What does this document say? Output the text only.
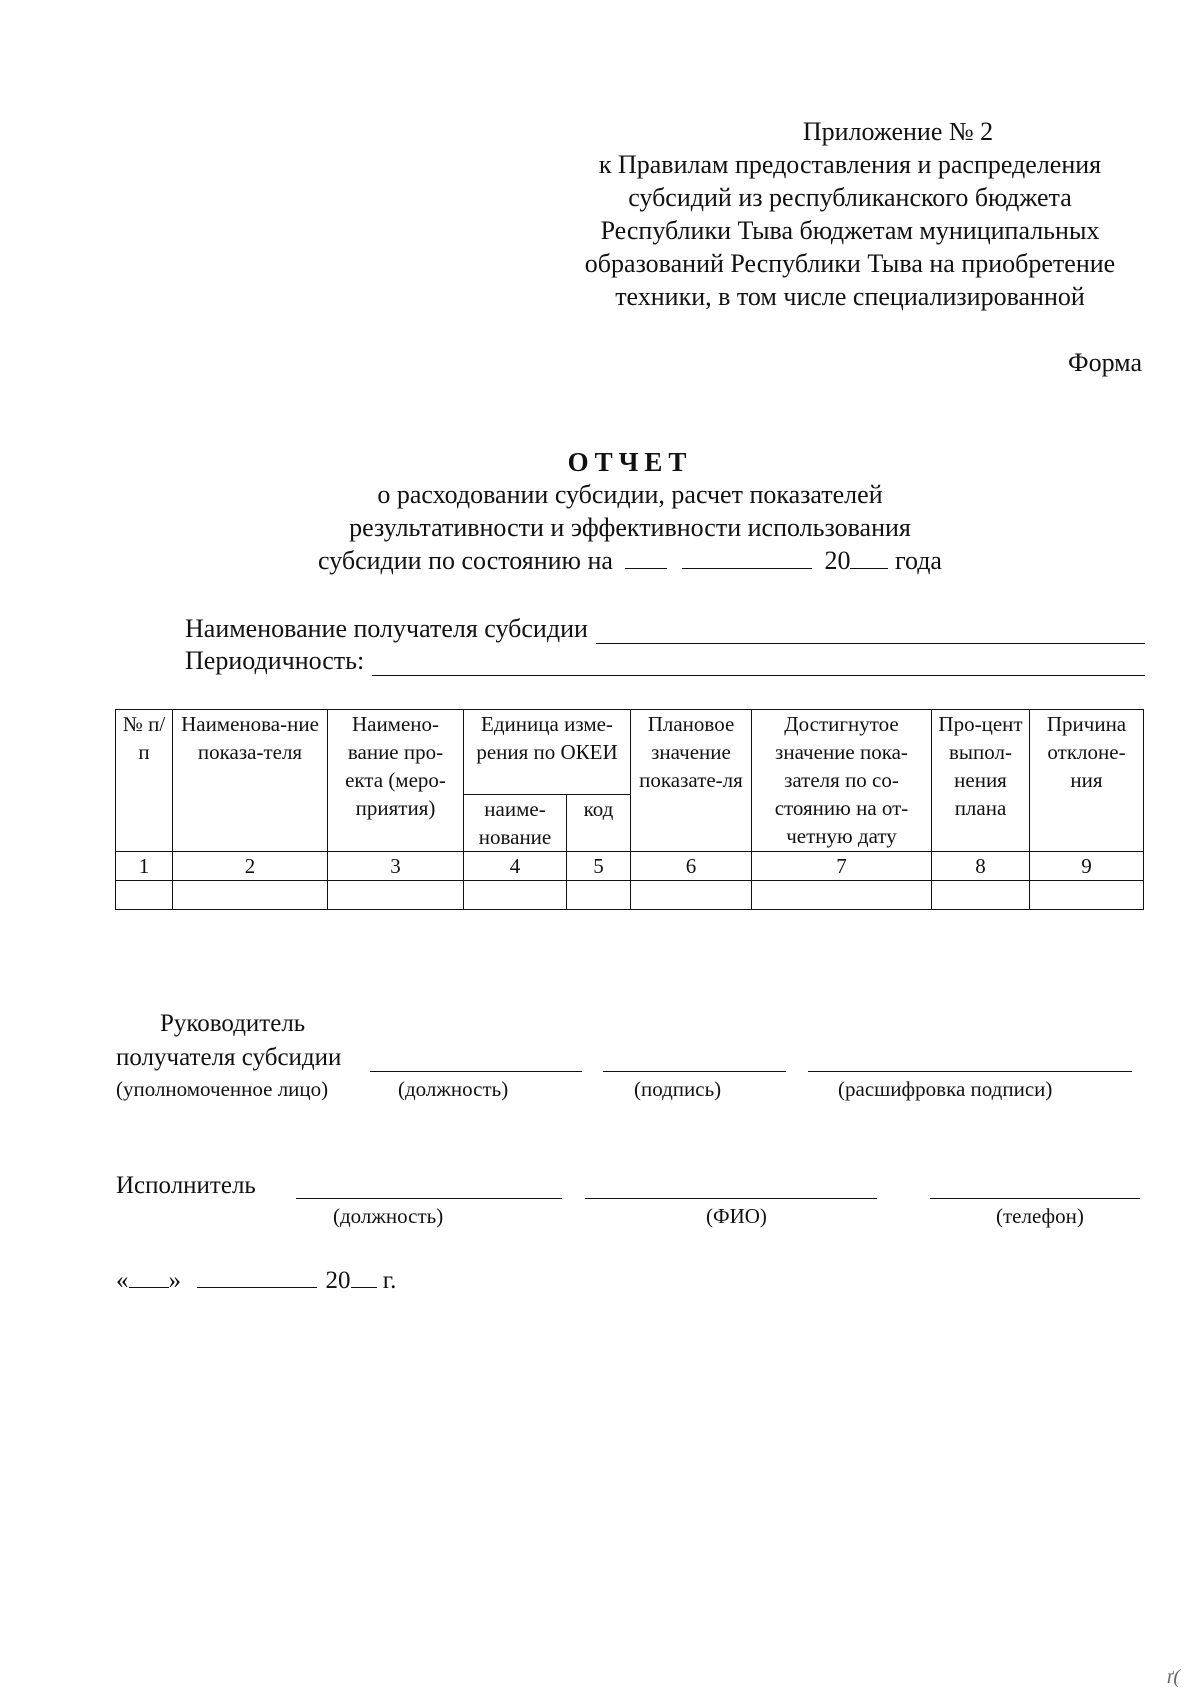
Приложение № 2
к Правилам предоставления и распределения
субсидий из республиканского бюджета
Республики Тыва бюджетам муниципальных
образований Республики Тыва на приобретение
техники, в том числе специализированной
Форма
ОТЧЕТ
о расходовании субсидии, расчет показателей
результативности и эффективности использования
субсидии по состоянию на	20 года
Наименование получателя субсидии
Периодичность:
№ п/п	Наименова-ние показа-теля	Наимено-вание про-екта (меро-приятия)	Единица изме-рения по ОКЕИ		Плановое значение показате-ля	Достигнутое значение пока-зателя по со-стоянию на от-четную дату	Про-цент выпол-нения плана	Причина отклоне-ния
			наиме-нование	код				
1	2	3	4	5	6	7	8	9

Руководитель
получателя субсидии
(уполномоченное лицо)	(должность)	(подпись)	(расшифровка подписи)
Исполнитель
(должность)	(ФИО)	(телефон)
« »	20 г.
ґ(
